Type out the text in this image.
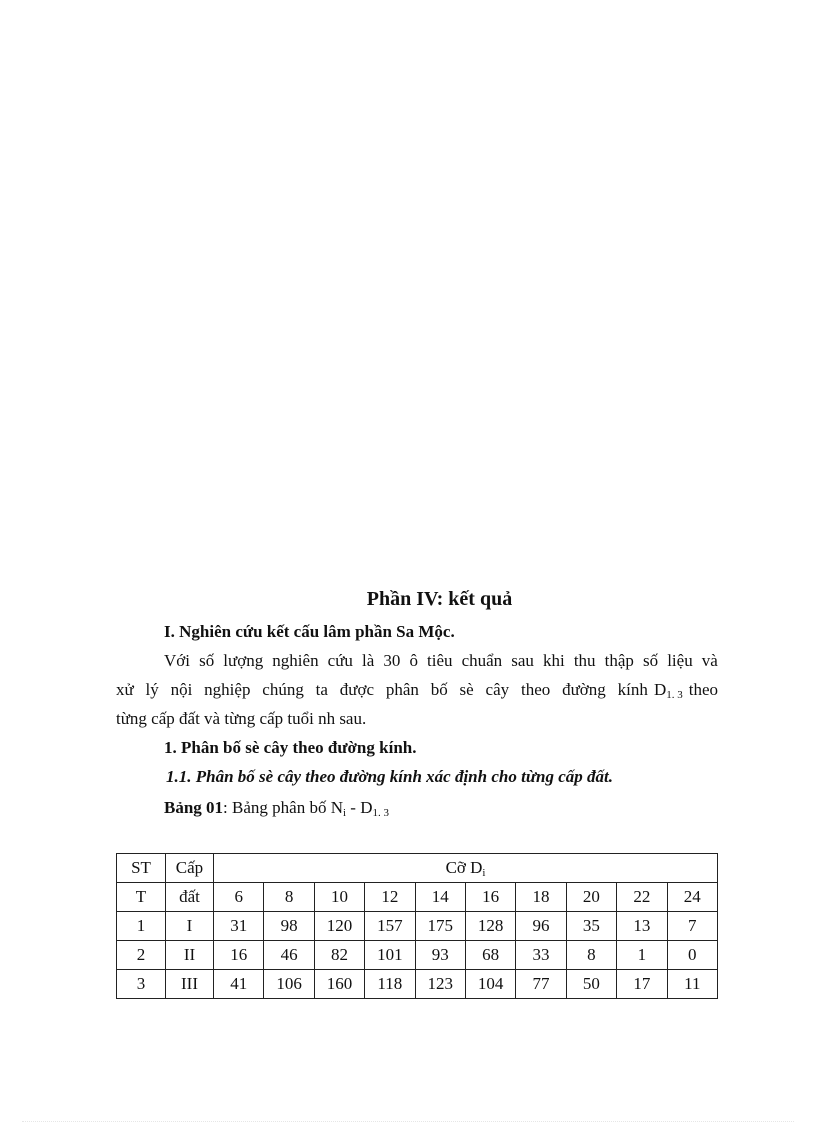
Phần IV: kết quả
I. Nghiên cứu kết cấu lâm phần Sa Mộc.
Với số lượng nghiên cứu là 30 ô tiêu chuẩn sau khi thu thập số liệu và
xử lý nội nghiệp chúng ta được phân bố sè cây theo đường kính $D_{1. 3}$ theo
từng cấp đất và từng cấp tuổi nh sau.
1. Phân bố sè cây theo đường kính.
1.1. Phân bố sè cây theo đường kính xác định cho từng cấp đất.
Bảng 01: Bảng phân bố $N_i - D_{1. 3}$
ST	Cấp	Cỡ $D_i$
T	đất	6	8	10	12	14	16	18	20	22	24
1	I	31	98	120	157	175	128	96	35	13	7
2	II	16	46	82	101	93	68	33	8	1	0
3	III	41	106	160	118	123	104	77	50	17	11
